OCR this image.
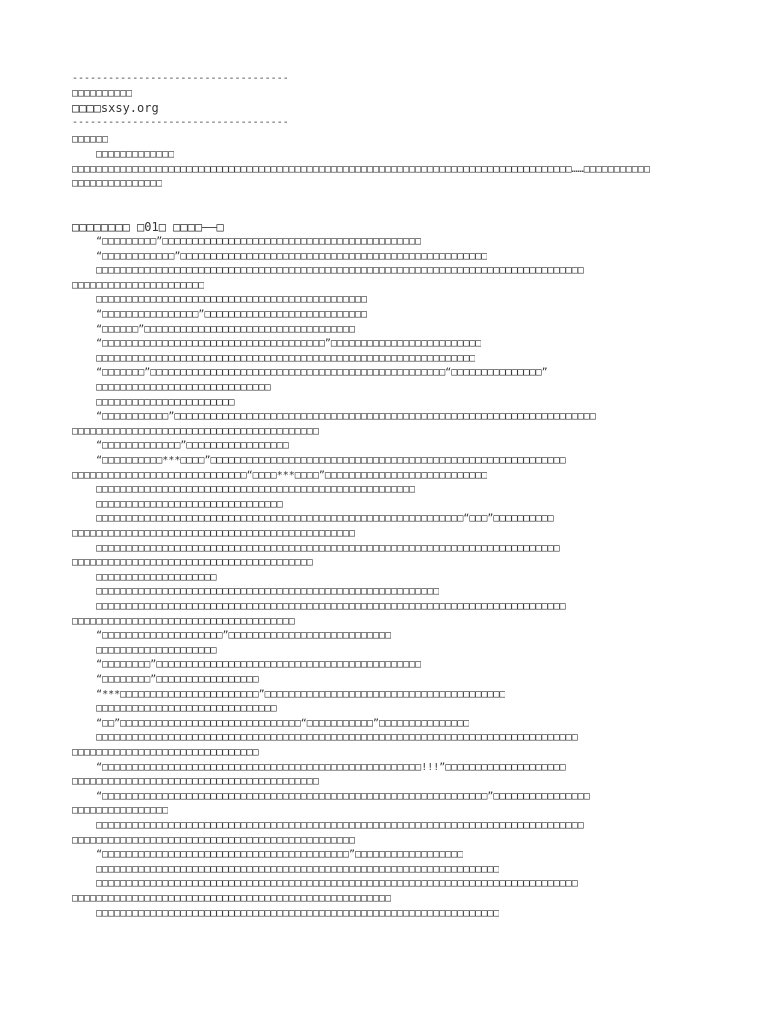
------------------------------------
□□□□□□□□□□
□□□□sxsy.org
------------------------------------
□□□□□□
□□□□□□□□□□□□□
□□□□□□□□□□□□□□□□□□□□□□□□□□□□□□□□□□□□□□□□□□□□□□□□□□□□□□□□□□□□□□□□□□□□□□□□□□□□□□□□□□□……□□□□□□□□□□□
□□□□□□□□□□□□□□□
□□□□□□□□ □01□ □□□□——□
“□□□□□□□□□”□□□□□□□□□□□□□□□□□□□□□□□□□□□□□□□□□□□□□□□□□□□
“□□□□□□□□□□□□”□□□□□□□□□□□□□□□□□□□□□□□□□□□□□□□□□□□□□□□□□□□□□□□□□□□
□□□□□□□□□□□□□□□□□□□□□□□□□□□□□□□□□□□□□□□□□□□□□□□□□□□□□□□□□□□□□□□□□□□□□□□□□□□□□□□□□
□□□□□□□□□□□□□□□□□□□□□□
□□□□□□□□□□□□□□□□□□□□□□□□□□□□□□□□□□□□□□□□□□□□□
“□□□□□□□□□□□□□□□□”□□□□□□□□□□□□□□□□□□□□□□□□□□□
“□□□□□□”□□□□□□□□□□□□□□□□□□□□□□□□□□□□□□□□□□□
“□□□□□□□□□□□□□□□□□□□□□□□□□□□□□□□□□□□□□”□□□□□□□□□□□□□□□□□□□□□□□□□
□□□□□□□□□□□□□□□□□□□□□□□□□□□□□□□□□□□□□□□□□□□□□□□□□□□□□□□□□□□□□□□
“□□□□□□□”□□□□□□□□□□□□□□□□□□□□□□□□□□□□□□□□□□□□□□□□□□□□□□□□□“□□□□□□□□□□□□□□□”
□□□□□□□□□□□□□□□□□□□□□□□□□□□□□
□□□□□□□□□□□□□□□□□□□□□□□
“□□□□□□□□□□□”□□□□□□□□□□□□□□□□□□□□□□□□□□□□□□□□□□□□□□□□□□□□□□□□□□□□□□□□□□□□□□□□□□□□□□
□□□□□□□□□□□□□□□□□□□□□□□□□□□□□□□□□□□□□□□□□
“□□□□□□□□□□□□□”□□□□□□□□□□□□□□□□□
“□□□□□□□□□□***□□□□”□□□□□□□□□□□□□□□□□□□□□□□□□□□□□□□□□□□□□□□□□□□□□□□□□□□□□□□□□□□
□□□□□□□□□□□□□□□□□□□□□□□□□□□□□“□□□□***□□□□”□□□□□□□□□□□□□□□□□□□□□□□□□□□
□□□□□□□□□□□□□□□□□□□□□□□□□□□□□□□□□□□□□□□□□□□□□□□□□□□□□
□□□□□□□□□□□□□□□□□□□□□□□□□□□□□□□
□□□□□□□□□□□□□□□□□□□□□□□□□□□□□□□□□□□□□□□□□□□□□□□□□□□□□□□□□□□□□“□□□”□□□□□□□□□□
□□□□□□□□□□□□□□□□□□□□□□□□□□□□□□□□□□□□□□□□□□□□□□□
□□□□□□□□□□□□□□□□□□□□□□□□□□□□□□□□□□□□□□□□□□□□□□□□□□□□□□□□□□□□□□□□□□□□□□□□□□□□□
□□□□□□□□□□□□□□□□□□□□□□□□□□□□□□□□□□□□□□□□
□□□□□□□□□□□□□□□□□□□□
□□□□□□□□□□□□□□□□□□□□□□□□□□□□□□□□□□□□□□□□□□□□□□□□□□□□□□□□□
□□□□□□□□□□□□□□□□□□□□□□□□□□□□□□□□□□□□□□□□□□□□□□□□□□□□□□□□□□□□□□□□□□□□□□□□□□□□□□
□□□□□□□□□□□□□□□□□□□□□□□□□□□□□□□□□□□□□
“□□□□□□□□□□□□□□□□□□□□”□□□□□□□□□□□□□□□□□□□□□□□□□□□
□□□□□□□□□□□□□□□□□□□□
“□□□□□□□□”□□□□□□□□□□□□□□□□□□□□□□□□□□□□□□□□□□□□□□□□□□□□
“□□□□□□□□”□□□□□□□□□□□□□□□□□
“***□□□□□□□□□□□□□□□□□□□□□□□”□□□□□□□□□□□□□□□□□□□□□□□□□□□□□□□□□□□□□□□□
□□□□□□□□□□□□□□□□□□□□□□□□□□□□□□
“□□”□□□□□□□□□□□□□□□□□□□□□□□□□□□□□□“□□□□□□□□□□□”□□□□□□□□□□□□□□□
□□□□□□□□□□□□□□□□□□□□□□□□□□□□□□□□□□□□□□□□□□□□□□□□□□□□□□□□□□□□□□□□□□□□□□□□□□□□□□□□
□□□□□□□□□□□□□□□□□□□□□□□□□□□□□□□
“□□□□□□□□□□□□□□□□□□□□□□□□□□□□□□□□□□□□□□□□□□□□□□□□□□□□□!!!”□□□□□□□□□□□□□□□□□□□□
□□□□□□□□□□□□□□□□□□□□□□□□□□□□□□□□□□□□□□□□□
“□□□□□□□□□□□□□□□□□□□□□□□□□□□□□□□□□□□□□□□□□□□□□□□□□□□□□□□□□□□□□□□□”□□□□□□□□□□□□□□□□
□□□□□□□□□□□□□□□□
□□□□□□□□□□□□□□□□□□□□□□□□□□□□□□□□□□□□□□□□□□□□□□□□□□□□□□□□□□□□□□□□□□□□□□□□□□□□□□□□□
□□□□□□□□□□□□□□□□□□□□□□□□□□□□□□□□□□□□□□□□□□□□□□□
“□□□□□□□□□□□□□□□□□□□□□□□□□□□□□□□□□□□□□□□□□”□□□□□□□□□□□□□□□□□□
□□□□□□□□□□□□□□□□□□□□□□□□□□□□□□□□□□□□□□□□□□□□□□□□□□□□□□□□□□□□□□□□□□□
□□□□□□□□□□□□□□□□□□□□□□□□□□□□□□□□□□□□□□□□□□□□□□□□□□□□□□□□□□□□□□□□□□□□□□□□□□□□□□□□
□□□□□□□□□□□□□□□□□□□□□□□□□□□□□□□□□□□□□□□□□□□□□□□□□□□□□
□□□□□□□□□□□□□□□□□□□□□□□□□□□□□□□□□□□□□□□□□□□□□□□□□□□□□□□□□□□□□□□□□□□
